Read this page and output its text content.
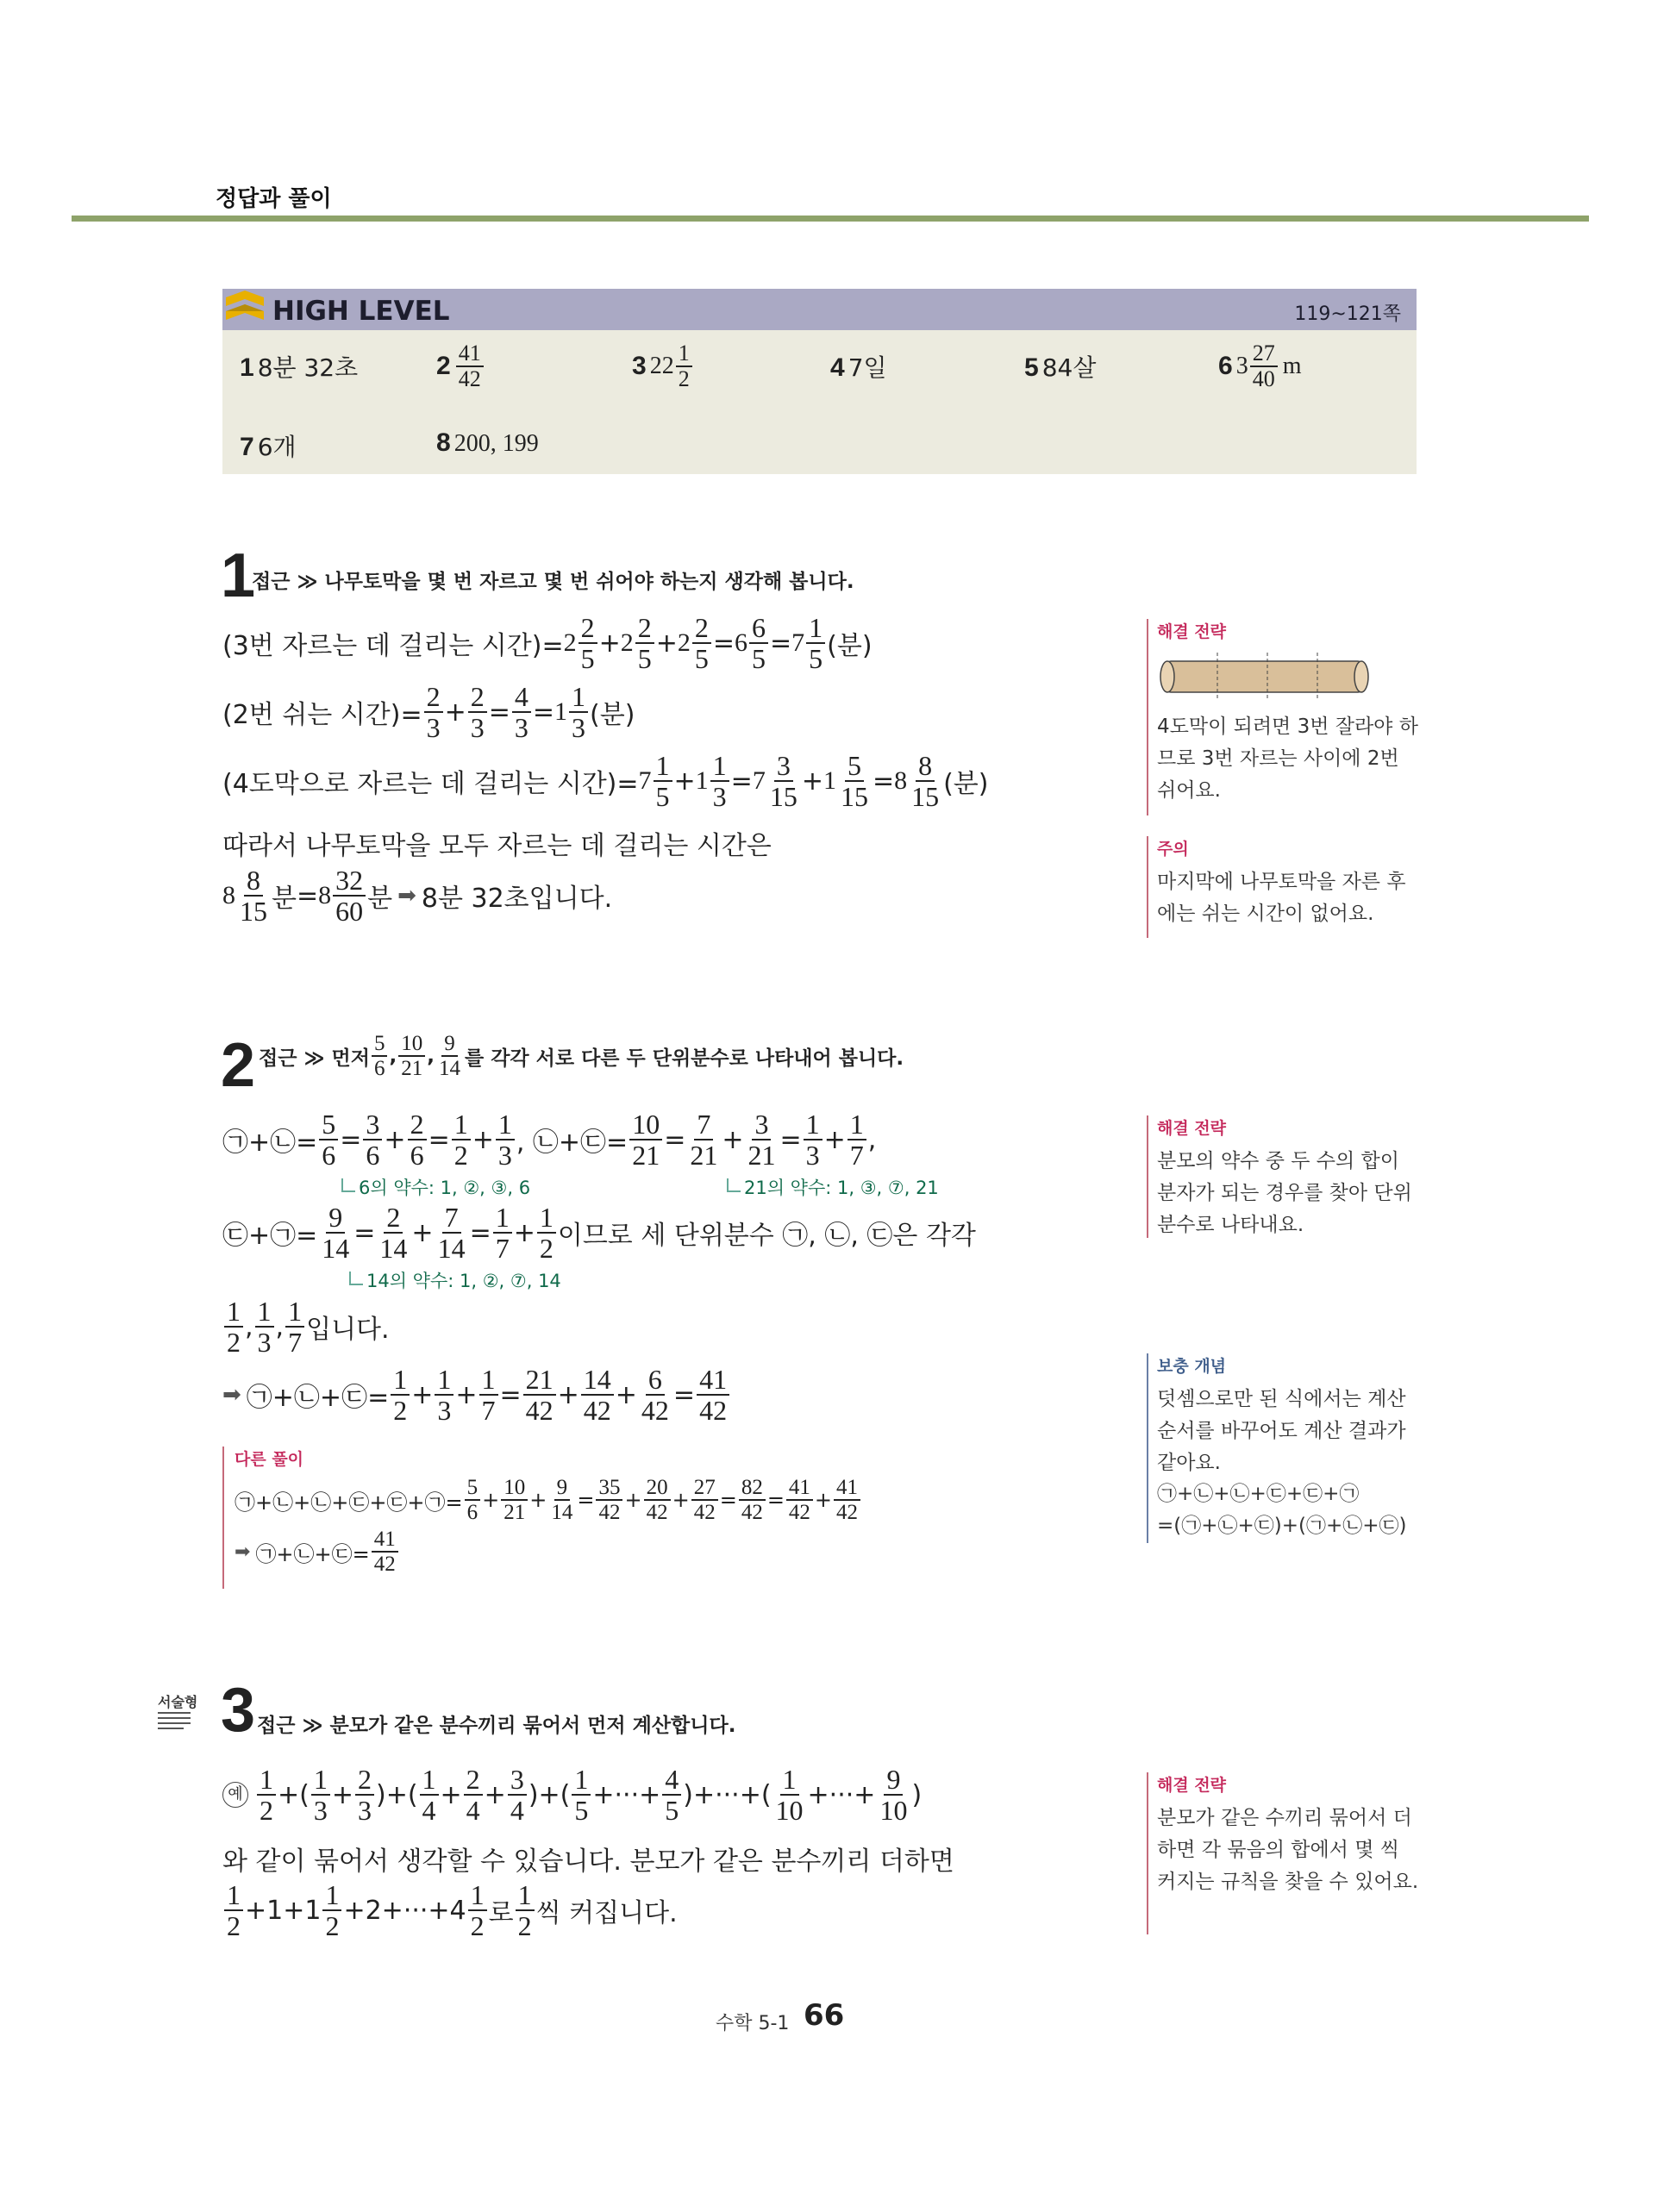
정답과 풀이
HIGH LEVEL	119~121쪽
1 8분 32초	$2 \frac{41}{42}$	3 $22 \frac{1}{2}$	4 7일	5 84살	6 $3 \frac{27}{40}$ m
7 6개	8 200, 199
1
접근 ≫ 나무토막을 몇 번 자르고 몇 번 쉬어야 하는지 생각해 봅니다.
(3번 자르는 데 걸리는 시간)= $2 \frac{2}{5} + 2 \frac{2}{5} + 2 \frac{2}{5} = 6 \frac{6}{5} = 7 \frac{1}{5}$ (분)
(2번 쉬는 시간)= $\frac{2}{3} + \frac{2}{3} = \frac{4}{3} = 1 \frac{1}{3}$ (분)
(4도막으로 자르는 데 걸리는 시간)= $7 \frac{1}{5} + 1 \frac{1}{3} = 7 \frac{3}{15} + 1 \frac{5}{15} = 8 \frac{8}{15}$ (분)
따라서 나무토막을 모두 자르는 데 걸리는 시간은
$8 \frac{8}{15}$ 분 = $8 \frac{32}{60}$ 분 ➡ 8분 32초입니다.
해결 전략
4도막이 되려면 3번 잘라야 하므로 3번 자르는 사이에 2번 쉬어요.
주의
마지막에 나무토막을 자른 후에는 쉬는 시간이 없어요.
2 접근 ≫ 먼저 $\frac{5}{6}$ , $\frac{10}{21}$ , $\frac{9}{14}$ 를 각각 서로 다른 두 단위분수로 나타내어 봅니다.
㉠+㉡= $\frac{5}{6} = \frac{3}{6} + \frac{2}{6} = \frac{1}{2} + \frac{1}{3}$ , ㉡+㉢= $\frac{10}{21} = \frac{7}{21} + \frac{3}{21} = \frac{1}{3} + \frac{1}{7}$ ,
6의 약수: 1, ②, ③, 6	21의 약수: 1, ③, ⑦, 21
㉢+㉠= $\frac{9}{14} = \frac{2}{14} + \frac{7}{14} = \frac{1}{7} + \frac{1}{2}$ 이므로 세 단위분수 ㉠, ㉡, ㉢은 각각
14의 약수: 1, ②, ⑦, 14
$\frac{1}{2}$ , $\frac{1}{3}$ , $\frac{1}{7}$ 입니다.
➡ ㉠+㉡+㉢= $\frac{1}{2} + \frac{1}{3} + \frac{1}{7} = \frac{21}{42} + \frac{14}{42} + \frac{6}{42} = \frac{41}{42}$
다른 풀이
㉠+㉡+㉡+㉢+㉢+㉠= $\frac{5}{6} + \frac{10}{21} + \frac{9}{14} = \frac{35}{42} + \frac{20}{42} + \frac{27}{42} = \frac{82}{42} = \frac{41}{42} + \frac{41}{42}$
➡ ㉠+㉡+㉢= $\frac{41}{42}$
해결 전략
분모의 약수 중 두 수의 합이 분자가 되는 경우를 찾아 단위분수로 나타내요.
보충 개념
덧셈으로만 된 식에서는 계산 순서를 바꾸어도 계산 결과가 같아요.
㉠+㉡+㉡+㉢+㉢+㉠
=(㉠+㉡+㉢)+(㉠+㉡+㉢)
서술형 3 접근 ≫ 분모가 같은 분수끼리 묶어서 먼저 계산합니다.
예 $\frac{1}{2}$ +( $\frac{1}{3} + \frac{2}{3}$ )+( $\frac{1}{4} + \frac{2}{4} + \frac{3}{4}$ )+( $\frac{1}{5}$ +···+ $\frac{4}{5}$ )+···+( $\frac{1}{10}$ +···+ $\frac{9}{10}$ )
와 같이 묶어서 생각할 수 있습니다. 분모가 같은 분수끼리 더하면
$\frac{1}{2} +1+1 \frac{1}{2} +2+\cdot\cdot\cdot+4 \frac{1}{2}$ 로 $\frac{1}{2}$ 씩 커집니다.
해결 전략
분모가 같은 수끼리 묶어서 더하면 각 묶음의 합에서 몇 씩 커지는 규칙을 찾을 수 있어요.
수학 5-1 66
